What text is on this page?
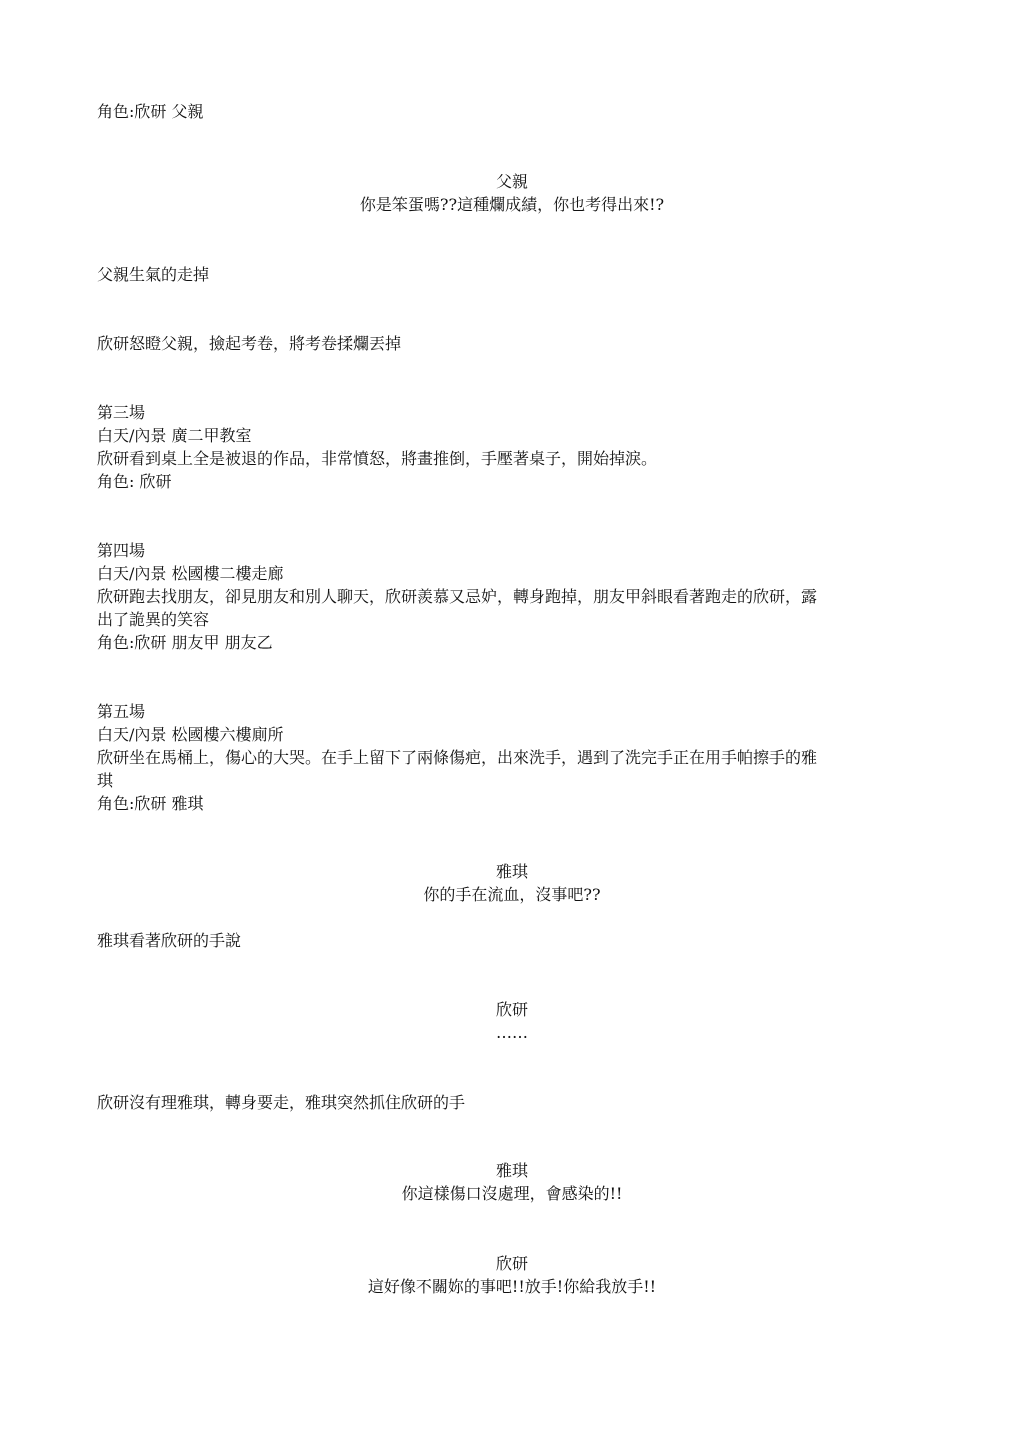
角色:欣研 父親
父親
你是笨蛋嗎??這種爛成績，你也考得出來!?
父親生氣的走掉
欣研怒瞪父親，撿起考卷，將考卷揉爛丟掉
第三場
白天/內景 廣二甲教室
欣研看到桌上全是被退的作品，非常憤怒，將畫推倒，手壓著桌子，開始掉淚。
角色: 欣研
第四場
白天/內景 松國樓二樓走廊
欣研跑去找朋友，卻見朋友和別人聊天，欣研羨慕又忌妒，轉身跑掉，朋友甲斜眼看著跑走的欣研，露
出了詭異的笑容
角色:欣研 朋友甲 朋友乙
第五場
白天/內景 松國樓六樓廁所
欣研坐在馬桶上，傷心的大哭。在手上留下了兩條傷疤，出來洗手，遇到了洗完手正在用手帕擦手的雅
琪
角色:欣研 雅琪
雅琪
你的手在流血，沒事吧??
雅琪看著欣研的手說
欣研
……
欣研沒有理雅琪，轉身要走，雅琪突然抓住欣研的手
雅琪
你這樣傷口沒處理，會感染的!!
欣研
這好像不關妳的事吧!!放手!你給我放手!!
